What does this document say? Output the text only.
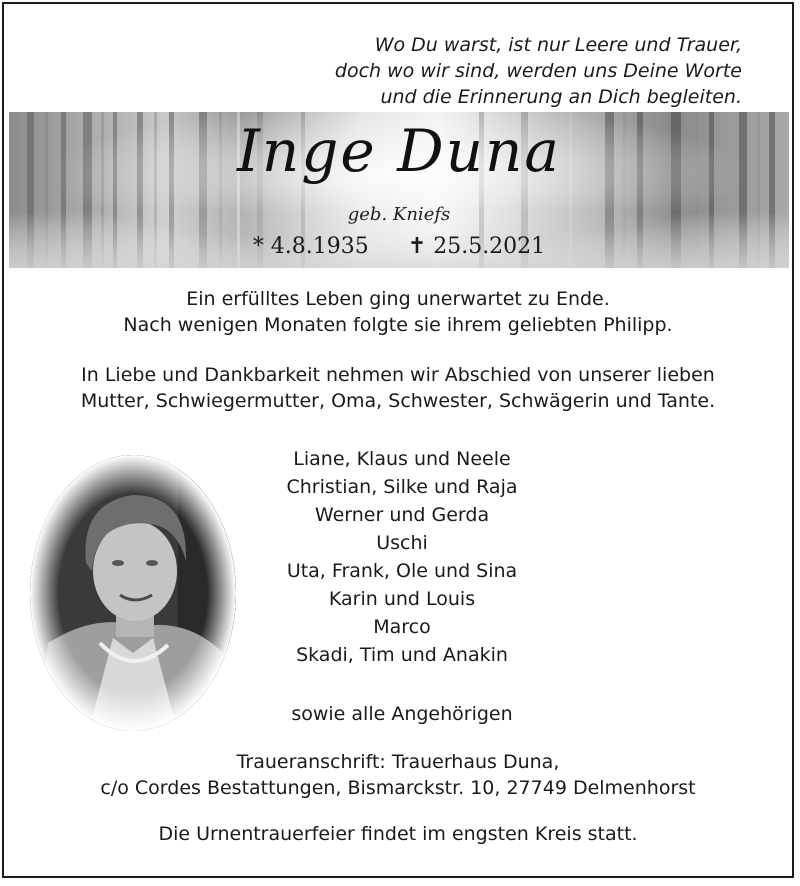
Wo Du warst, ist nur Leere und Trauer,
doch wo wir sind, werden uns Deine Worte
und die Erinnerung an Dich begleiten.
Inge Duna
geb. Kniefs
* 4.8.1935 ✝ 25.5.2021
Ein erfülltes Leben ging unerwartet zu Ende.
Nach wenigen Monaten folgte sie ihrem geliebten Philipp.
In Liebe und Dankbarkeit nehmen wir Abschied von unserer lieben
Mutter, Schwiegermutter, Oma, Schwester, Schwägerin und Tante.
Liane, Klaus und Neele
Christian, Silke und Raja
Werner und Gerda
Uschi
Uta, Frank, Ole und Sina
Karin und Louis
Marco
Skadi, Tim und Anakin
sowie alle Angehörigen
Traueranschrift: Trauerhaus Duna,
c/o Cordes Bestattungen, Bismarckstr. 10, 27749 Delmenhorst
Die Urnentrauerfeier findet im engsten Kreis statt.
